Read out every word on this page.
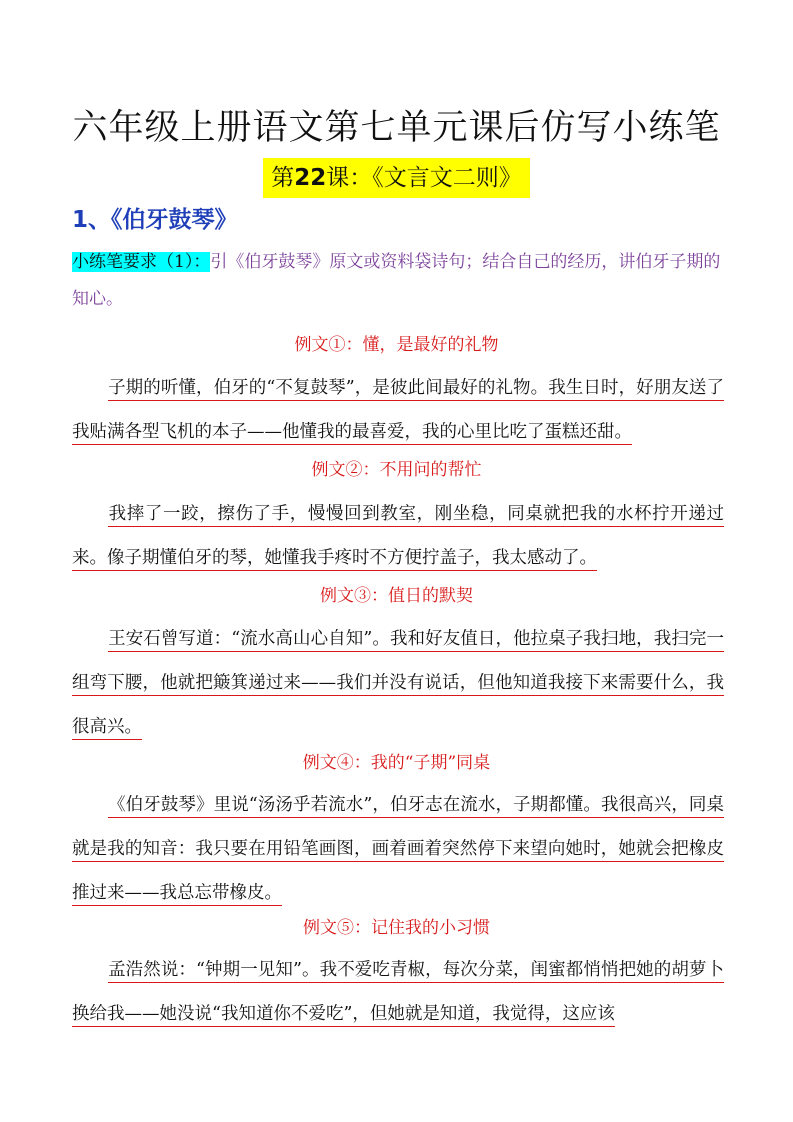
六年级上册语文第七单元课后仿写小练笔
第22课：《文言文二则》
1、《伯牙鼓琴》

小练笔要求（1）：引《伯牙鼓琴》原文或资料袋诗句；结合自己的经历，讲伯牙子期的知心。

例文①：懂，是最好的礼物

子期的听懂，伯牙的“不复鼓琴”，是彼此间最好的礼物。我生日时，好朋友送了我贴满各型飞机的本子——他懂我的最喜爱，我的心里比吃了蛋糕还甜。

例文②：不用问的帮忙

我摔了一跤，擦伤了手，慢慢回到教室，刚坐稳，同桌就把我的水杯拧开递过来。像子期懂伯牙的琴，她懂我手疼时不方便拧盖子，我太感动了。

例文③：值日的默契

王安石曾写道：“流水高山心自知”。我和好友值日，他拉桌子我扫地，我扫完一组弯下腰，他就把簸箕递过来——我们并没有说话，但他知道我接下来需要什么，我很高兴。

例文④：我的“子期”同桌

《伯牙鼓琴》里说“汤汤乎若流水”，伯牙志在流水，子期都懂。我很高兴，同桌就是我的知音：我只要在用铅笔画图，画着画着突然停下来望向她时，她就会把橡皮推过来——我总忘带橡皮。

例文⑤：记住我的小习惯

孟浩然说：“钟期一见知”。我不爱吃青椒，每次分菜，闺蜜都悄悄把她的胡萝卜换给我——她没说“我知道你不爱吃”，但她就是知道，我觉得，这应该
